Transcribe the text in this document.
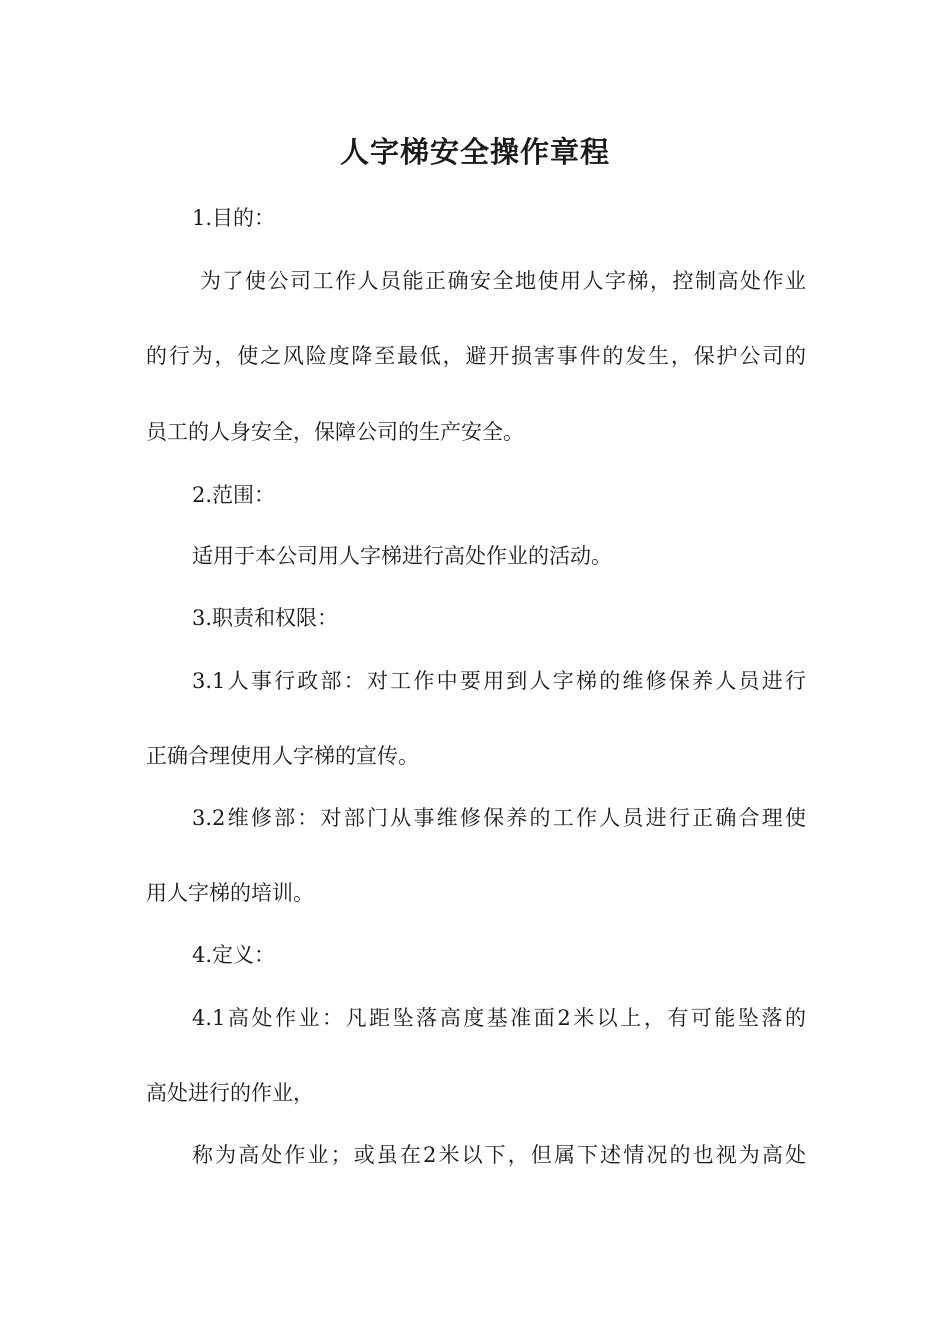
人字梯安全操作章程
1.目的：
为了使公司工作人员能正确安全地使用人字梯，控制高处作业
的行为，使之风险度降至最低，避开损害事件的发生，保护公司的
员工的人身安全，保障公司的生产安全。
2.范围：
适用于本公司用人字梯进行高处作业的活动。
3.职责和权限：
3.1人事行政部：对工作中要用到人字梯的维修保养人员进行
正确合理使用人字梯的宣传。
3.2维修部：对部门从事维修保养的工作人员进行正确合理使
用人字梯的培训。
4.定义：
4.1高处作业：凡距坠落高度基准面2米以上，有可能坠落的
高处进行的作业，
称为高处作业；或虽在2米以下，但属下述情况的也视为高处
